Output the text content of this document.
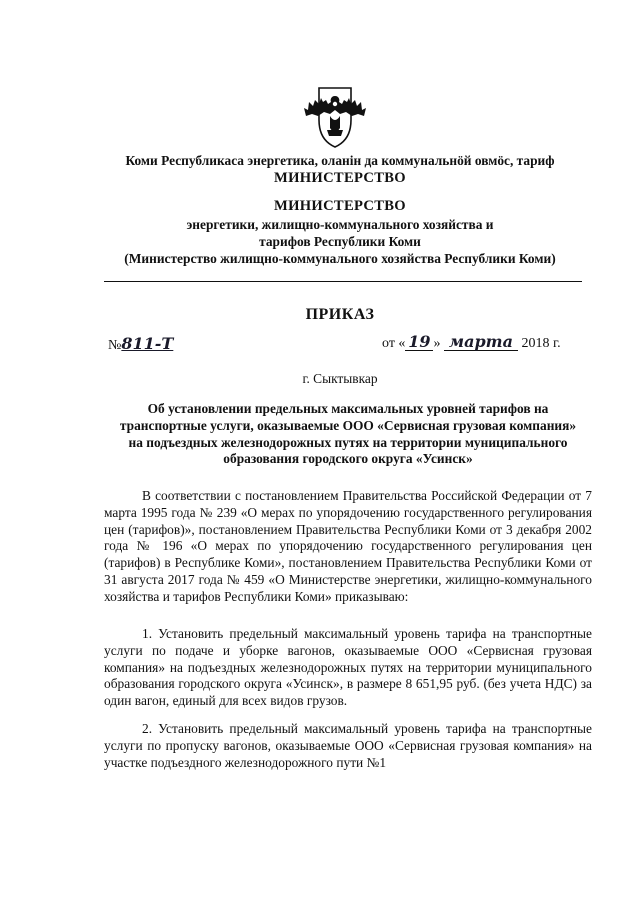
Коми Республикаса энергетика, оланiн да коммунальнöй овмöс, тариф
МИНИСТЕРСТВО
МИНИСТЕРСТВО
энергетики, жилищно-коммунального хозяйства и
тарифов Республики Коми
(Министерство жилищно-коммунального хозяйства Республики Коми)
ПРИКАЗ
№811-Т	от « 19 » марта 2018 г.
г. Сыктывкар
Об установлении предельных максимальных уровней тарифов на транспортные услуги, оказываемые ООО «Сервисная грузовая компания» на подъездных железнодорожных путях на территории муниципального образования городского округа «Усинск»
В соответствии с постановлением Правительства Российской Федерации от 7 марта 1995 года № 239 «О мерах по упорядочению государственного регулирования цен (тарифов)», постановлением Правительства Республики Коми от 3 декабря 2002 года № 196 «О мерах по упорядочению государственного регулирования цен (тарифов) в Республике Коми», постановлением Правительства Республики Коми от 31 августа 2017 года № 459 «О Министерстве энергетики, жилищно-коммунального хозяйства и тарифов Республики Коми» приказываю:
1. Установить предельный максимальный уровень тарифа на транспортные услуги по подаче и уборке вагонов, оказываемые ООО «Сервисная грузовая компания» на подъездных железнодорожных путях на территории муниципального образования городского округа «Усинск», в размере 8 651,95 руб. (без учета НДС) за один вагон, единый для всех видов грузов.
2. Установить предельный максимальный уровень тарифа на транспортные услуги по пропуску вагонов, оказываемые ООО «Сервисная грузовая компания» на участке подъездного железнодорожного пути №1
